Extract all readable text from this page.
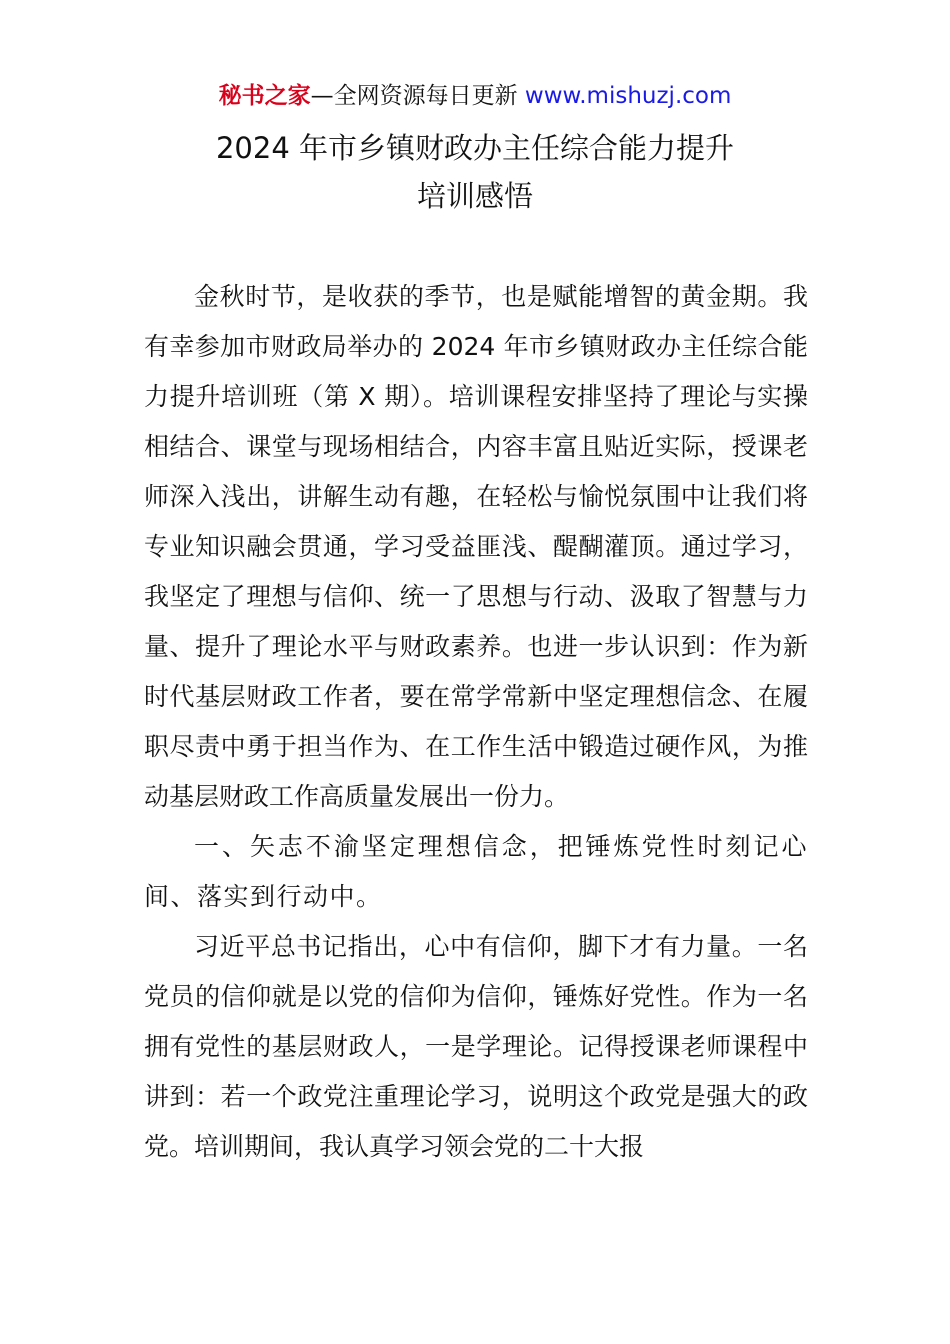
秘书之家—全网资源每日更新 www.mishuzj.com
2024 年市乡镇财政办主任综合能力提升
培训感悟

金秋时节，是收获的季节，也是赋能增智的黄金期。我有幸参加市财政局举办的 2024 年市乡镇财政办主任综合能力提升培训班（第 X 期）。培训课程安排坚持了理论与实操相结合、课堂与现场相结合，内容丰富且贴近实际，授课老师深入浅出，讲解生动有趣，在轻松与愉悦氛围中让我们将专业知识融会贯通，学习受益匪浅、醍醐灌顶。通过学习，我坚定了理想与信仰、统一了思想与行动、汲取了智慧与力量、提升了理论水平与财政素养。也进一步认识到：作为新时代基层财政工作者，要在常学常新中坚定理想信念、在履职尽责中勇于担当作为、在工作生活中锻造过硬作风，为推动基层财政工作高质量发展出一份力。

一、矢志不渝坚定理想信念，把锤炼党性时刻记心间、落实到行动中。

习近平总书记指出，心中有信仰，脚下才有力量。一名党员的信仰就是以党的信仰为信仰，锤炼好党性。作为一名拥有党性的基层财政人，一是学理论。记得授课老师课程中讲到：若一个政党注重理论学习，说明这个政党是强大的政党。培训期间，我认真学习领会党的二十大报
